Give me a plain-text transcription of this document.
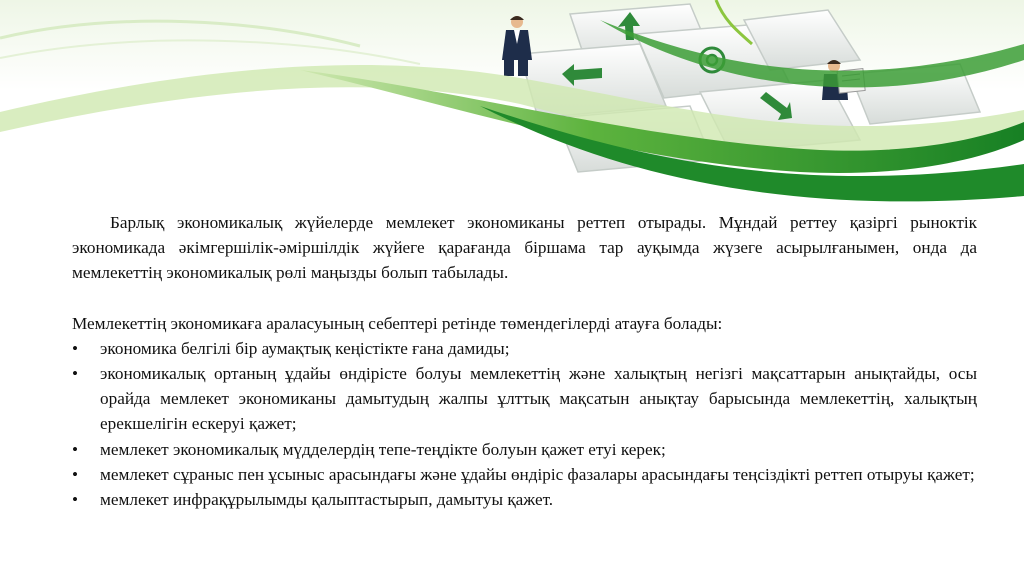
Барлық экономикалық жүйелерде мемлекет экономиканы реттеп отырады. Мұндай реттеу қазіргі рыноктік экономикада әкімгершілік-әміршілдік жүйеге қарағанда біршама тар ауқымда жүзеге асырылғанымен, онда да мемлекеттің экономикалық рөлі маңызды болып табылады.

Мемлекеттің экономикаға араласуының себептері ретінде төмендегілерді атауға болады:

• экономика белгілі бір аумақтық кеңістікте ғана дамиды;
• экономикалық ортаның ұдайы өндірісте болуы мемлекеттің және халықтың негізгі мақсаттарын анықтайды, осы орайда мемлекет экономиканы дамытудың жалпы ұлттық мақсатын анықтау барысында мемлекеттің, халықтың ерекшелігін ескеруі қажет;
• мемлекет экономикалық мүдделердің тепе-теңдікте болуын қажет етуі керек;
• мемлекет сұраныс пен ұсыныс арасындағы және ұдайы өндіріс фазалары арасындағы теңсіздікті реттеп отыруы қажет;
• мемлекет инфрақұрылымды қалыптастырып, дамытуы қажет.
